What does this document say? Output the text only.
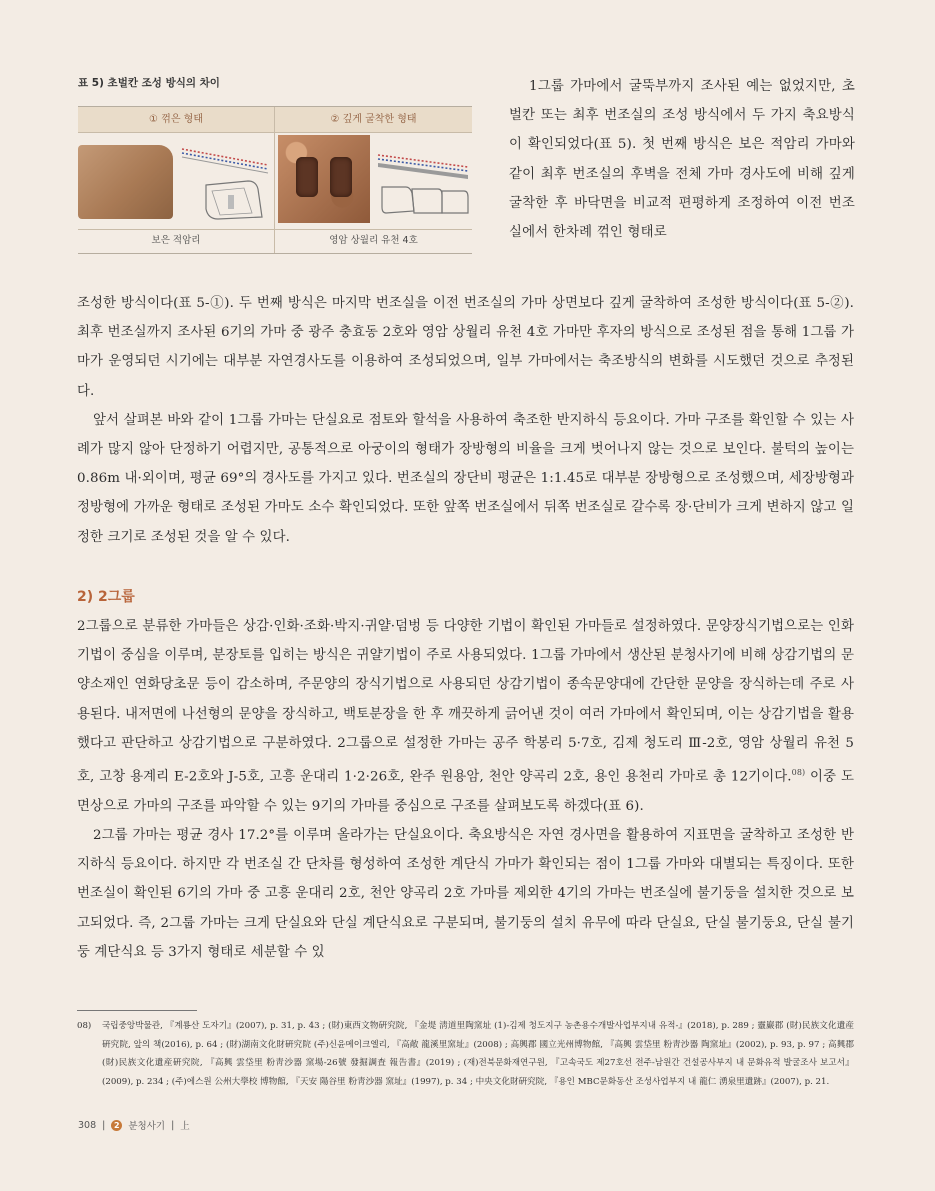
표 5) 초벌칸 조성 방식의 차이
① 꺾은 형태	② 깊게 굴착한 형태
보은 적암리	영암 상월리 유천 4호
1그룹 가마에서 굴뚝부까지 조사된 예는 없었지만, 초벌칸 또는 최후 번조실의 조성 방식에서 두 가지 축요방식이 확인되었다(표 5). 첫 번째 방식은 보은 적암리 가마와 같이 최후 번조실의 후벽을 전체 가마 경사도에 비해 깊게 굴착한 후 바닥면을 비교적 편평하게 조정하여 이전 번조실에서 한차례 꺾인 형태로

조성한 방식이다(표 5-①). 두 번째 방식은 마지막 번조실을 이전 번조실의 가마 상면보다 깊게 굴착하여 조성한 방식이다(표 5-②). 최후 번조실까지 조사된 6기의 가마 중 광주 충효동 2호와 영암 상월리 유천 4호 가마만 후자의 방식으로 조성된 점을 통해 1그룹 가마가 운영되던 시기에는 대부분 자연경사도를 이용하여 조성되었으며, 일부 가마에서는 축조방식의 변화를 시도했던 것으로 추정된다.

앞서 살펴본 바와 같이 1그룹 가마는 단실요로 점토와 할석을 사용하여 축조한 반지하식 등요이다. 가마 구조를 확인할 수 있는 사례가 많지 않아 단정하기 어렵지만, 공통적으로 아궁이의 형태가 장방형의 비율을 크게 벗어나지 않는 것으로 보인다. 불턱의 높이는 0.86m 내·외이며, 평균 69°의 경사도를 가지고 있다. 번조실의 장단비 평균은 1:1.45로 대부분 장방형으로 조성했으며, 세장방형과 정방형에 가까운 형태로 조성된 가마도 소수 확인되었다. 또한 앞쪽 번조실에서 뒤쪽 번조실로 갈수록 장·단비가 크게 변하지 않고 일정한 크기로 조성된 것을 알 수 있다.

2) 2그룹

2그룹으로 분류한 가마들은 상감·인화·조화·박지·귀얄·덤벙 등 다양한 기법이 확인된 가마들로 설정하였다. 문양장식기법으로는 인화기법이 중심을 이루며, 분장토를 입히는 방식은 귀얄기법이 주로 사용되었다. 1그룹 가마에서 생산된 분청사기에 비해 상감기법의 문양소재인 연화당초문 등이 감소하며, 주문양의 장식기법으로 사용되던 상감기법이 종속문양대에 간단한 문양을 장식하는데 주로 사용된다. 내저면에 나선형의 문양을 장식하고, 백토분장을 한 후 깨끗하게 긁어낸 것이 여러 가마에서 확인되며, 이는 상감기법을 활용했다고 판단하고 상감기법으로 구분하였다. 2그룹으로 설정한 가마는 공주 학봉리 5·7호, 김제 청도리 Ⅲ-2호, 영암 상월리 유천 5호, 고창 용계리 E-2호와 J-5호, 고흥 운대리 1·2·26호, 완주 원용암, 천안 양곡리 2호, 용인 용천리 가마로 총 12기이다.$^{08)}$ 이중 도면상으로 가마의 구조를 파악할 수 있는 9기의 가마를 중심으로 구조를 살펴보도록 하겠다(표 6).

2그룹 가마는 평균 경사 17.2°를 이루며 올라가는 단실요이다. 축요방식은 자연 경사면을 활용하여 지표면을 굴착하고 조성한 반지하식 등요이다. 하지만 각 번조실 간 단차를 형성하여 조성한 계단식 가마가 확인되는 점이 1그룹 가마와 대별되는 특징이다. 또한 번조실이 확인된 6기의 가마 중 고흥 운대리 2호, 천안 양곡리 2호 가마를 제외한 4기의 가마는 번조실에 불기둥을 설치한 것으로 보고되었다. 즉, 2그룹 가마는 크게 단실요와 단실 계단식요로 구분되며, 불기둥의 설치 유무에 따라 단실요, 단실 불기둥요, 단실 불기둥 계단식요 등 3가지 형태로 세분할 수 있

08) 국립중앙박물관, 『계룡산 도자기』(2007), p. 31, p. 43 ; (財)東西文物硏究院, 『金堤 淸道里陶窯址 (1)-김제 청도지구 농촌용수개발사업부지내 유적-』(2018), p. 289 ; 靈巖郡 (財)民族文化遺産硏究院, 앞의 책(2016), p. 64 ; (財)湖南文化財硏究院 (주)신윤메이크엘리, 『高敞 龍溪里窯址』(2008) ; 高興郡 國立光州博物館, 『高興 雲垈里 粉靑沙器 陶窯址』(2002), p. 93, p. 97 ; 高興郡 (財)民族文化遺産硏究院, 『高興 雲垈里 粉靑沙器 窯場-26號 發掘調査 報告書』(2019) ; (재)전북문화재연구원, 『고속국도 제27호선 전주-남원간 건설공사부지 내 문화유적 발굴조사 보고서』(2009), p. 234 ; (주)에스원 公州大學校 博物館, 『天安 陽谷里 粉靑沙器 窯址』(1997), p. 34 ; 中央文化財硏究院, 『용인 MBC문화동산 조성사업부지 내 龍仁 湧泉里遺跡』(2007), p. 21.
308 |	2 분청사기 | 上
